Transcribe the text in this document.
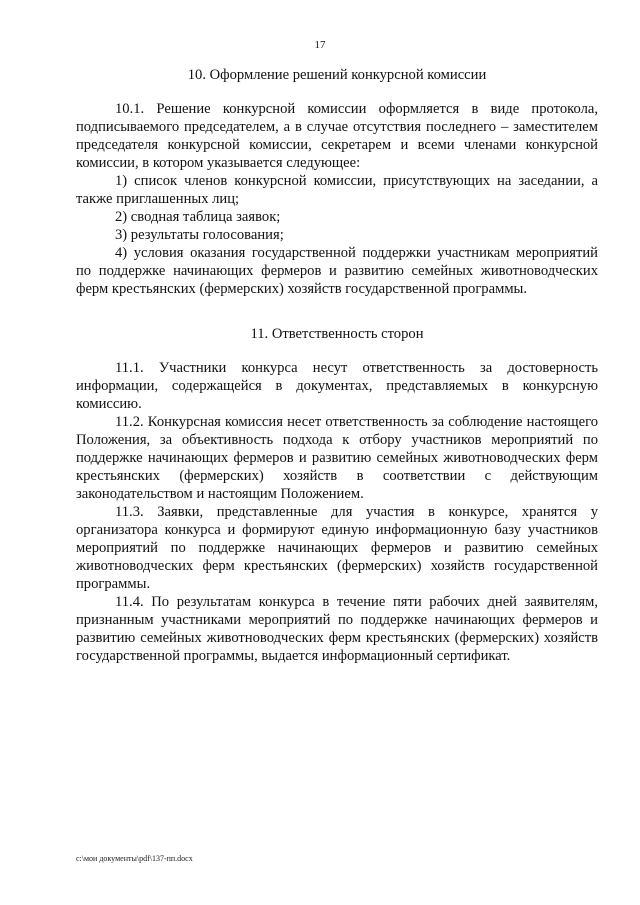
17
10. Оформление решений конкурсной комиссии

10.1. Решение конкурсной комиссии оформляется в виде протокола, подписываемого председателем, а в случае отсутствия последнего – заместителем председателя конкурсной комиссии, секретарем и всеми членами конкурсной комиссии, в котором указывается следующее:

1) список членов конкурсной комиссии, присутствующих на заседании, а также приглашенных лиц;

2) сводная таблица заявок;

3) результаты голосования;

4) условия оказания государственной поддержки участникам мероприятий по поддержке начинающих фермеров и развитию семейных животноводческих ферм крестьянских (фермерских) хозяйств государственной программы.

11. Ответственность сторон

11.1. Участники конкурса несут ответственность за достоверность информации, содержащейся в документах, представляемых в конкурсную комиссию.

11.2. Конкурсная комиссия несет ответственность за соблюдение настоящего Положения, за объективность подхода к отбору участников мероприятий по поддержке начинающих фермеров и развитию семейных животноводческих ферм крестьянских (фермерских) хозяйств в соответствии с действующим законодательством и настоящим Положением.

11.3. Заявки, представленные для участия в конкурсе, хранятся у организатора конкурса и формируют единую информационную базу участников мероприятий по поддержке начинающих фермеров и развитию семейных животноводческих ферм крестьянских (фермерских) хозяйств государственной программы.

11.4. По результатам конкурса в течение пяти рабочих дней заявителям, признанным участниками мероприятий по поддержке начинающих фермеров и развитию семейных животноводческих ферм крестьянских (фермерских) хозяйств государственной программы, выдается информационный сертификат.

c:\мои документы\pdf\137-пп.docx
